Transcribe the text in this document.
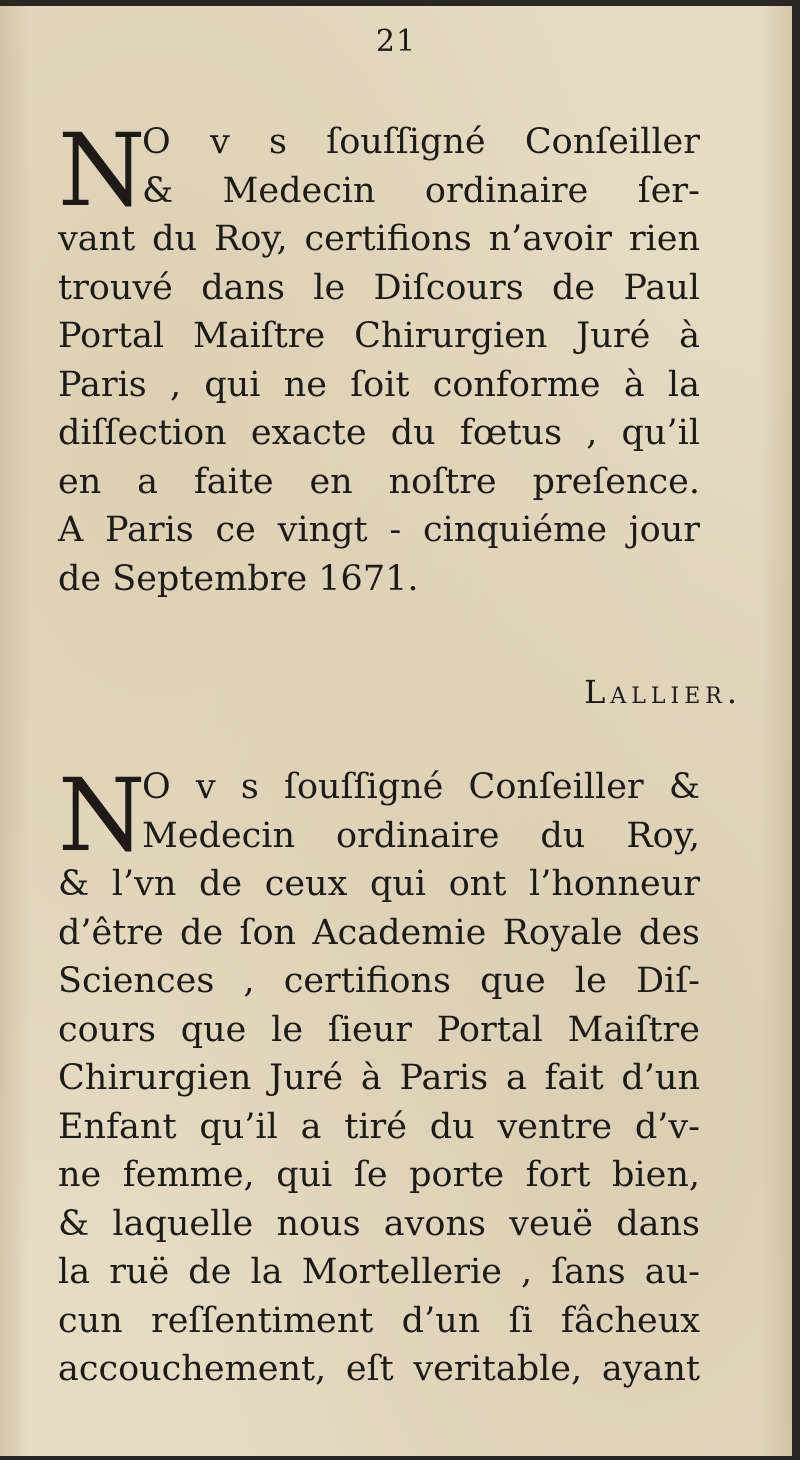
21
N
O v s ſouſſigné Conſeiller
& Medecin ordinaire ſer-
vant du Roy, certifions n’avoir rien
trouvé dans le Diſcours de Paul
Portal Maiſtre Chirurgien Juré à
Paris , qui ne ſoit conforme à la
diſſection exacte du fœtus , qu’il
en a faite en noſtre preſence.
A Paris ce vingt - cinquiéme jour
de Septembre 1671.
Lallier.
N
O v s ſouſſigné Conſeiller &
Medecin ordinaire du Roy,
& l’vn de ceux qui ont l’honneur
d’être de ſon Academie Royale des
Sciences , certifions que le Diſ-
cours que le ſieur Portal Maiſtre
Chirurgien Juré à Paris a fait d’un
Enfant qu’il a tiré du ventre d’v-
ne femme, qui ſe porte fort bien,
& laquelle nous avons veuë dans
la ruë de la Mortellerie , ſans au-
cun reſſentiment d’un ſi fâcheux
accouchement, eſt veritable, ayant
